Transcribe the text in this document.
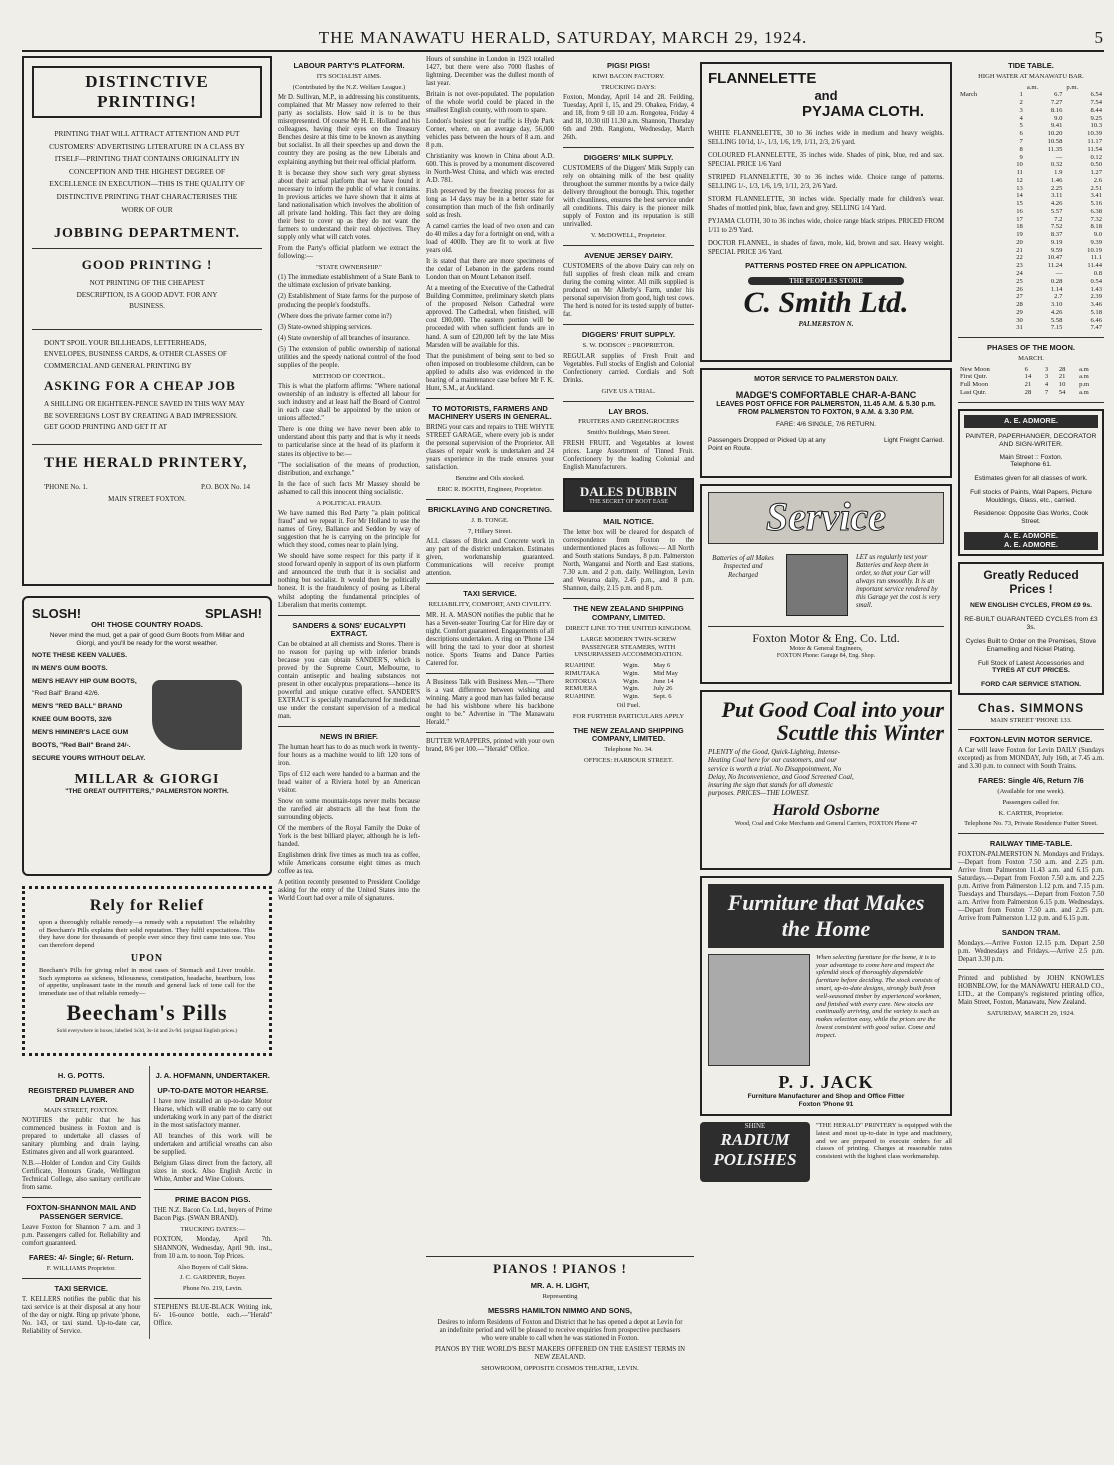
THE MANAWATU HERALD, SATURDAY, MARCH 29, 1924.	5
DISTINCTIVE PRINTING!
PRINTING THAT WILL ATTRACT ATTENTION AND PUT CUSTOMERS' ADVERTISING LITERATURE IN A CLASS BY ITSELF—PRINTING THAT CONTAINS ORIGINALITY IN CONCEPTION AND THE HIGHEST DEGREE OF EXCELLENCE IN EXECUTION—THIS IS THE QUALITY OF DISTINCTIVE PRINTING THAT CHARACTERISES THE WORK OF OUR
JOBBING DEPARTMENT.
GOOD PRINTING !
NOT PRINTING OF THE CHEAPEST DESCRIPTION, IS A GOOD ADVT. FOR ANY BUSINESS.
DON'T SPOIL YOUR BILLHEADS, LETTERHEADS, ENVELOPES, BUSINESS CARDS, & OTHER CLASSES OF COMMERCIAL AND GENERAL PRINTING BY
ASKING FOR A CHEAP JOB
A SHILLING OR EIGHTEEN-PENCE SAVED IN THIS WAY MAY BE SOVEREIGNS LOST BY CREATING A BAD IMPRESSION. GET GOOD PRINTING AND GET IT AT
THE HERALD PRINTERY,
'PHONE No. 1.	P.O. BOX No. 14
MAIN STREET FOXTON.
SLOSH!	SPLASH!
OH! THOSE COUNTRY ROADS.
Never mind the mud, get a pair of good Gum Boots from Millar and Giorgi, and you'll be ready for the worst weather.
NOTE THESE KEEN VALUES.
IN MEN'S GUM BOOTS.
MEN'S HEAVY HIP GUM BOOTS,
"Red Ball" Brand 42/6.
MEN'S "RED BALL" BRAND
KNEE GUM BOOTS, 32/6
MEN'S HIMINER'S LACE GUM
BOOTS, "Red Ball" Brand 24/-.
SECURE YOURS WITHOUT DELAY.
MILLAR & GIORGI
"THE GREAT OUTFITTERS," PALMERSTON NORTH.
Rely for Relief
upon a thoroughly reliable remedy—a remedy with a reputation! The reliability of Beecham's Pills explains their solid reputation. They fulfil expectations. This they have done for thousands of people ever since they first came into use. You can therefore depend
UPON
Beecham's Pills for giving relief in most cases of Stomach and Liver trouble. Such symptoms as sickness, biliousness, constipation, headache, heartburn, loss of appetite, unpleasant taste in the mouth and general lack of tone call for the immediate use of that reliable remedy—
Beecham's Pills
Sold everywhere in boxes, labelled 1s3d, 3s-1d and 2s-9d. (original English prices.)
H. G. POTTS.
REGISTERED PLUMBER AND DRAIN LAYER.
MAIN STREET, FOXTON.

NOTIFIES the public that he has commenced business in Foxton and is prepared to undertake all classes of sanitary plumbing and drain laying. Estimates given and all work guaranteed.

N.B.—Holder of London and City Guilds Certificate, Honours Grade, Wellington Technical College, also sanitary certificate from same.

FOXTON-SHANNON MAIL AND PASSENGER SERVICE.

Leave Foxton for Shannon 7 a.m. and 3 p.m. Passengers called for. Reliability and comfort guaranteed.

FARES: 4/- Single; 6/- Return.
F. WILLIAMS Proprietor.
TAXI SERVICE.

T. KELLERS notifies the public that his taxi service is at their disposal at any hour of the day or night. Ring up private 'phone, No. 143, or taxi stand. Up-to-date car, Reliability of Service.

J. A. HOFMANN, UNDERTAKER.
UP-TO-DATE MOTOR HEARSE.

I have now installed an up-to-date Motor Hearse, which will enable me to carry out undertaking work in any part of the district in the most satisfactory manner.

All branches of this work will be undertaken and artificial wreaths can also be supplied.

Belgium Glass direct from the factory, all sizes in stock. Also English Arctic in White, Amber and Wine Colours.

PRIME BACON PIGS.

THE N.Z. Bacon Co. Ltd., buyers of Prime Bacon Pigs. (SWAN BRAND).

TRUCKING DATES:—

FOXTON, Monday, April 7th. SHANNON, Wednesday, April 9th. inst., from 10 a.m. to noon. Top Prices.

Also Buyers of Calf Skins.
J. C. GARDNER, Buyer.
Phone No. 219, Levin.

STEPHEN'S BLUE-BLACK Writing ink, 6/- 16-ounce bottle, each.—"Herald" Office.

LABOUR PARTY'S PLATFORM.
ITS SOCIALIST AIMS.
(Contributed by the N.Z. Welfare League.)

Mr D. Sullivan, M.P., in addressing his constituents, complained that Mr Massey now referred to their party as socialists. How said it is to be thus misrepresented. Of course Mr H. E. Holland and his colleagues, having their eyes on the Treasury Benches desire at this time to be known as anything but socialist. In all their speeches up and down the country they are posing as the new Liberals and explaining anything but their real official platform.

It is because they show such very great shyness about their actual platform that we have found it necessary to inform the public of what it contains. In previous articles we have shown that it aims at land nationalisation which involves the abolition of all private land holding. This fact they are doing their best to cover up as they do not want the farmers to understand their real objectives. They supply only what will catch votes.

From the Party's official platform we extract the following:—

"STATE OWNERSHIP."

(1) The immediate establishment of a State Bank to the ultimate exclusion of private banking.

(2) Establishment of State farms for the purpose of producing the people's foodstuffs.

(Where does the private farmer come in?)

(3) State-owned shipping services.

(4) State ownership of all branches of insurance.

(5) The extension of public ownership of national utilities and the speedy national control of the food supplies of the people.

METHOD OF CONTROL.

This is what the platform affirms: "Where national ownership of an industry is effected all labour for such industry and at least half the Board of Control in each case shall be appointed by the union or unions affected."

There is one thing we have never been able to understand about this party and that is why it needs to particularise since at the head of its platform it states its objective to be:—

"The socialisation of the means of production, distribution, and exchange."

In the face of such facts Mr Massey should be ashamed to call this innocent thing socialistic.

A POLITICAL FRAUD.

We have named this Red Party "a plain political fraud" and we repeat it. For Mr Holland to use the names of Grey, Ballance and Seddon by way of suggestion that he is carrying on the principle for which they stood, comes near to plain lying.

We should have some respect for this party if it stood forward openly in support of its own platform and announced the truth that it is socialist and nothing but socialist. It would then be politically honest. It is the fraudulency of posing as Liberal whilst adopting the fundamental principles of Liberalism that merits contempt.

SANDERS & SONS' EUCALYPTI EXTRACT.

Can be obtained at all chemists and Stores. There is no reason for paying up with inferior brands because you can obtain SANDER'S, which is proved by the Supreme Court, Melbourne, to contain antiseptic and healing substances not present in other eucalyptus preparations—hence its powerful and unique curative effect. SANDER'S EXTRACT is specially manufactured for medicinal use under the constant supervision of a medical man.

NEWS IN BRIEF.

The human heart has to do as much work in twenty-four hours as a machine would to lift 120 tons of iron.

Tips of £12 each were handed to a barman and the head waiter of a Riviera hotel by an American visitor.

Snow on some mountain-tops never melts because the rarefied air abstracts all the heat from the surrounding objects.

Of the members of the Royal Family the Duke of York is the best billiard player, although he is left-handed.

Englishmen drink five times as much tea as coffee, while Americans consume eight times as much coffee as tea.

A petition recently presented to President Coolidge asking for the entry of the United States into the World Court had over a mile of signatures.

Hours of sunshine in London in 1923 totalled 1427, but there were also 7000 flashes of lightning. December was the dullest month of last year.

Britain is not over-populated. The population of the whole world could be placed in the smallest English county, with room to spare.

London's busiest spot for traffic is Hyde Park Corner, where, on an average day, 56,000 vehicles pass between the hours of 8 a.m. and 8 p.m.

Christianity was known in China about A.D. 600. This is proved by a monument discovered in North-West China, and which was erected A.D. 781.

Fish preserved by the freezing process for as long as 14 days may be in a better state for consumption than much of the fish ordinarily sold as fresh.

A camel carries the load of two oxen and can do 40 miles a day for a fortnight on end, with a load of 400lb. They are fit to work at five years old.

It is stated that there are more specimens of the cedar of Lebanon in the gardens round London than on Mount Lebanon itself.

At a meeting of the Executive of the Cathedral Building Committee, preliminary sketch plans of the proposed Nelson Cathedral were approved. The Cathedral, when finished, will cost £80,000. The eastern portion will be proceeded with when sufficient funds are in hand. A sum of £20,000 left by the late Miss Marsden will be available for this.

That the punishment of being sent to bed so often imposed on troublesome children, can be applied to adults also was evidenced in the hearing of a maintenance case before Mr F. K. Hunt, S.M., at Auckland.

TO MOTORISTS, FARMERS AND MACHINERY USERS IN GENERAL.

BRING your cars and repairs to THE WHYTE STREET GARAGE, where every job is under the personal supervision of the Proprietor. All classes of repair work is undertaken and 24 years experience in the trade ensures your satisfaction.

Benzine and Oils stocked.
ERIC R. BOOTH, Engineer, Proprietor.
BRICKLAYING AND CONCRETING.
J. B. TONGE.
7, Hillary Street.

ALL classes of Brick and Concrete work in any part of the district undertaken. Estimates given, workmanship guaranteed. Communications will receive prompt attention.

TAXI SERVICE.
RELIABILITY, COMFORT, AND CIVILITY.

MR. H. A. MASON notifies the public that he has a Seven-seater Touring Car for Hire day or night. Comfort guaranteed. Engagements of all descriptions undertaken. A ring on 'Phone 134 will bring the taxi to your door at shortest notice. Sports Teams and Dance Parties Catered for.

A Business Talk with Business Men.—"There is a vast difference between wishing and winning. Many a good man has failed because he had his wishbone where his backbone ought to be." Advertise in "The Manawatu Herald."

BUTTER WRAPPERS, printed with your own brand, 8/6 per 100.—"Herald" Office.

PIGS! PIGS!
KIWI BACON FACTORY.
TRUCKING DAYS:

Foxton, Monday, April 14 and 28. Feilding, Tuesday, April 1, 15, and 29. Ohakea, Friday, 4 and 18, from 9 till 10 a.m. Rongotea, Friday 4 and 18, 10.30 till 11.30 a.m. Shannon, Thursday 6th and 20th. Rangiotu, Wednesday, March 26th.

DIGGERS' MILK SUPPLY.

CUSTOMERS of the Diggers' Milk Supply can rely on obtaining milk of the best quality throughout the summer months by a twice daily delivery throughout the borough. This, together with cleanliness, ensures the best service under all conditions. This dairy is the pioneer milk supply of Foxton and its reputation is still unrivalled.

V. McDOWELL, Proprietor.
AVENUE JERSEY DAIRY.

CUSTOMERS of the above Dairy can rely on full supplies of fresh clean milk and cream during the coming winter. All milk supplied is produced on Mr Allerby's Farm, under his personal supervision from good, high test cows. The herd is noted for its tested supply of butter-fat.

DIGGERS' FRUIT SUPPLY.
S. W. DODSON :: PROPRIETOR.

REGULAR supplies of Fresh Fruit and Vegetables. Full stocks of English and Colonial Confectionery carried. Cordials and Soft Drinks.

GIVE US A TRIAL.
LAY BROS.
FRUITERS AND GREENGROCERS
Smith's Buildings, Main Street.

FRESH FRUIT, and Vegetables at lowest prices. Large Assortment of Tinned Fruit. Confectionery by the leading Colonial and English Manufacturers.

DALES DUBBIN
THE SECRET OF BOOT EASE
MAIL NOTICE.

The letter box will be cleared for despatch of correspondence from Foxton to the undermentioned places as follows:— All North and South stations Sundays, 8 p.m. Palmerston North, Wanganui and North and East stations, 7.30 a.m. and 2 p.m. daily. Wellington, Levin and Weraroa daily, 2.45 p.m., and 8 p.m. Shannon, daily, 2.15 p.m. and 8 p.m.

THE NEW ZEALAND SHIPPING COMPANY, LIMITED.
DIRECT LINE TO THE UNITED KINGDOM.
LARGE MODERN TWIN-SCREW PASSENGER STEAMERS, WITH UNSURPASSED ACCOMMODATION.
RUAHINE	Wgtn.	May 6
RIMUTAKA	Wgtn.	Mid May
ROTORUA	Wgtn.	June 14
REMUERA	Wgtn.	July 26
RUAHINE	Wgtn.	Sept. 6
Oil Fuel.
FOR FURTHER PARTICULARS APPLY
THE NEW ZEALAND SHIPPING COMPANY, LIMITED.
Telephone No. 34.
OFFICES: HARBOUR STREET.
PIANOS ! PIANOS !
MR. A. H. LIGHT,
Representing
MESSRS HAMILTON NIMMO AND SONS,

Desires to inform Residents of Foxton and District that he has opened a depot at Levin for an indefinite period and will be pleased to receive enquiries from prospective purchasers who were unable to call when he was stationed in Foxton.

PIANOS BY THE WORLD'S BEST MAKERS OFFERED ON THE EASIEST TERMS IN NEW ZEALAND.

SHOWROOM, OPPOSITE COSMOS THEATRE, LEVIN.
FLANNELETTE
and
PYJAMA CLOTH.

WHITE FLANNELETTE, 30 to 36 inches wide in medium and heavy weights. SELLING 10/1d, 1/-, 1/3, 1/6, 1/9, 1/11, 2/3, 2/6 yard.

COLOURED FLANNELETTE, 35 inches wide. Shades of pink, blue, red and sax. SPECIAL PRICE 1/6 Yard

STRIPED FLANNELETTE, 30 to 36 inches wide. Choice range of patterns. SELLING 1/-, 1/3, 1/6, 1/9, 1/11, 2/3, 2/6 Yard.

STORM FLANNELETTE, 30 inches wide. Specially made for children's wear. Shades of mottled pink, blue, fawn and grey. SELLING 1/4 Yard.

PYJAMA CLOTH, 30 to 36 inches wide, choice range black stripes. PRICED FROM 1/11 to 2/9 Yard.

DOCTOR FLANNEL, in shades of fawn, mole, kid, brown and sax. Heavy weight. SPECIAL PRICE 3/6 Yard.

PATTERNS POSTED FREE ON APPLICATION.
THE PEOPLES STORE
C. Smith Ltd.
PALMERSTON N.
MOTOR SERVICE TO PALMERSTON DAILY.
MADGE'S COMFORTABLE CHAR-A-BANC
LEAVES POST OFFICE FOR PALMERSTON, 11.45 A.M. & 5.30 p.m.
FROM PALMERSTON TO FOXTON, 9 A.M. & 3.30 P.M.
FARE: 4/6 SINGLE, 7/6 RETURN.
Passengers Dropped or Picked Up at any Point en Route.
Light Freight Carried.
Service
Batteries of all Makes Inspected and Recharged
LET us regularly test your Batteries and keep them in order, so that your Car will always run smoothly. It is an important service rendered by this Garage yet the cost is very small.
Foxton Motor & Eng. Co. Ltd.
Motor & General Engineers,
FOXTON Phone: Garage 84, Eng. Shop.
Put Good Coal into your Scuttle this Winter
PLENTY of the Good, Quick-Lighting, Intense-Heating Coal here for our customers, and our service is worth a trial. No Disappointment, No Delay, No Inconvenience, and Good Screened Coal, insuring the sign that stands for all domestic purposes. PRICES—THE LOWEST.
Harold Osborne
Wood, Coal and Coke Merchants and General Carriers, FOXTON Phone 47
Furniture that Makes the Home
When selecting furniture for the home, it is to your advantage to come here and inspect the splendid stock of thoroughly dependable furniture before deciding. The stock consists of smart, up-to-date designs, strongly built from well-seasoned timber by experienced workmen, and finished with every care. New stocks are continually arriving, and the variety is such as makes selection easy, while the prices are the lowest consistent with good value. Come and inspect.
P. J. JACK
Furniture Manufacturer and Shop and Office Fitter
Foxton 'Phone 91
SHINE
RADIUM POLISHES
"THE HERALD" PRINTERY is equipped with the latest and most up-to-date in type and machinery, and we are prepared to execute orders for all classes of printing. Charges at reasonable rates consistent with the highest class workmanship.
TIDE TABLE.
HIGH WATER AT MANAWATU BAR.
		a.m.	p.m.
March	1	6.7	6.54
	2	7.27	7.54
	3	8.16	8.44
	4	9.0	9.25
	5	9.41	10.3
	6	10.20	10.39
	7	10.58	11.17
	8	11.35	11.54
	9	—	0.12
	10	0.32	0.50
	11	1.9	1.27
	12	1.46	2.6
	13	2.25	2.51
	14	3.11	3.41
	15	4.26	5.16
	16	5.57	6.38
	17	7.2	7.32
	18	7.52	8.18
	19	8.37	9.0
	20	9.19	9.39
	21	9.59	10.19
	22	10.47	11.1
	23	11.24	11.44
	24	—	0.8
	25	0.28	0.54
	26	1.14	1.43
	27	2.7	2.39
	28	3.10	3.46
	29	4.26	5.18
	30	5.58	6.46
	31	7.15	7.47
PHASES OF THE MOON.
MARCH.
New Moon	6	3	28	a.m
First Qutr.	14	3	21	a.m
Full Moon	21	4	10	p.m
Last Qutr.	28	7	54	a.m
A. E. ADMORE.
PAINTER, PAPERHANGER, DECORATOR AND SIGN-WRITER.
Main Street :: Foxton.
Telephone 61.
Estimates given for all classes of work.
Full stocks of Paints, Wall Papers, Picture Mouldings, Glass, etc., carried.
Residence: Opposite Gas Works, Cook Street.
A. E. ADMORE.
A. E. ADMORE.
Greatly Reduced Prices !
NEW ENGLISH CYCLES, FROM £9 9s.
RE-BUILT GUARANTEED CYCLES from £3 3s.
Cycles Built to Order on the Premises, Stove Enamelling and Nickel Plating.
Full Stock of Latest Accessories and
TYRES AT CUT PRICES.
FORD CAR SERVICE STATION.
Chas. SIMMONS
MAIN STREET 'PHONE 133.
FOXTON-LEVIN MOTOR SERVICE.

A Car will leave Foxton for Levin DAILY (Sundays excepted) as from MONDAY, July 16th, at 7.45 a.m. and 3.30 p.m. to connect with South Trains.

FARES: Single 4/6, Return 7/6
(Available for one week).
Passengers called for.
K. CARTER, Proprietor.
Telephone No. 73, Private Residence Futter Street.
RAILWAY TIME-TABLE.

FOXTON-PALMERSTON N. Mondays and Fridays.—Depart from Foxton 7.50 a.m. and 2.25 p.m. Arrive from Palmerston 11.43 a.m. and 6.15 p.m. Saturdays.—Depart from Foxton 7.50 a.m. and 2.25 p.m. Arrive from Palmerston 1.12 p.m. and 7.15 p.m. Tuesdays and Thursdays.—Depart from Foxton 7.50 a.m. Arrive from Palmerston 6.15 p.m. Wednesdays.—Depart from Foxton 7.50 a.m. and 2.25 p.m. Arrive from Palmerston 1.12 p.m. and 6.15 p.m.

SANDON TRAM.

Mondays.—Arrive Foxton 12.15 p.m. Depart 2.50 p.m. Wednesdays and Fridays.—Arrive 2.5 p.m. Depart 3.30 p.m.

Printed and published by JOHN KNOWLES HOBNBLOW, for the MANAWATU HERALD CO., LTD., at the Company's registered printing office, Main Street, Foxton, Manawatu, New Zealand.

SATURDAY, MARCH 29, 1924.
